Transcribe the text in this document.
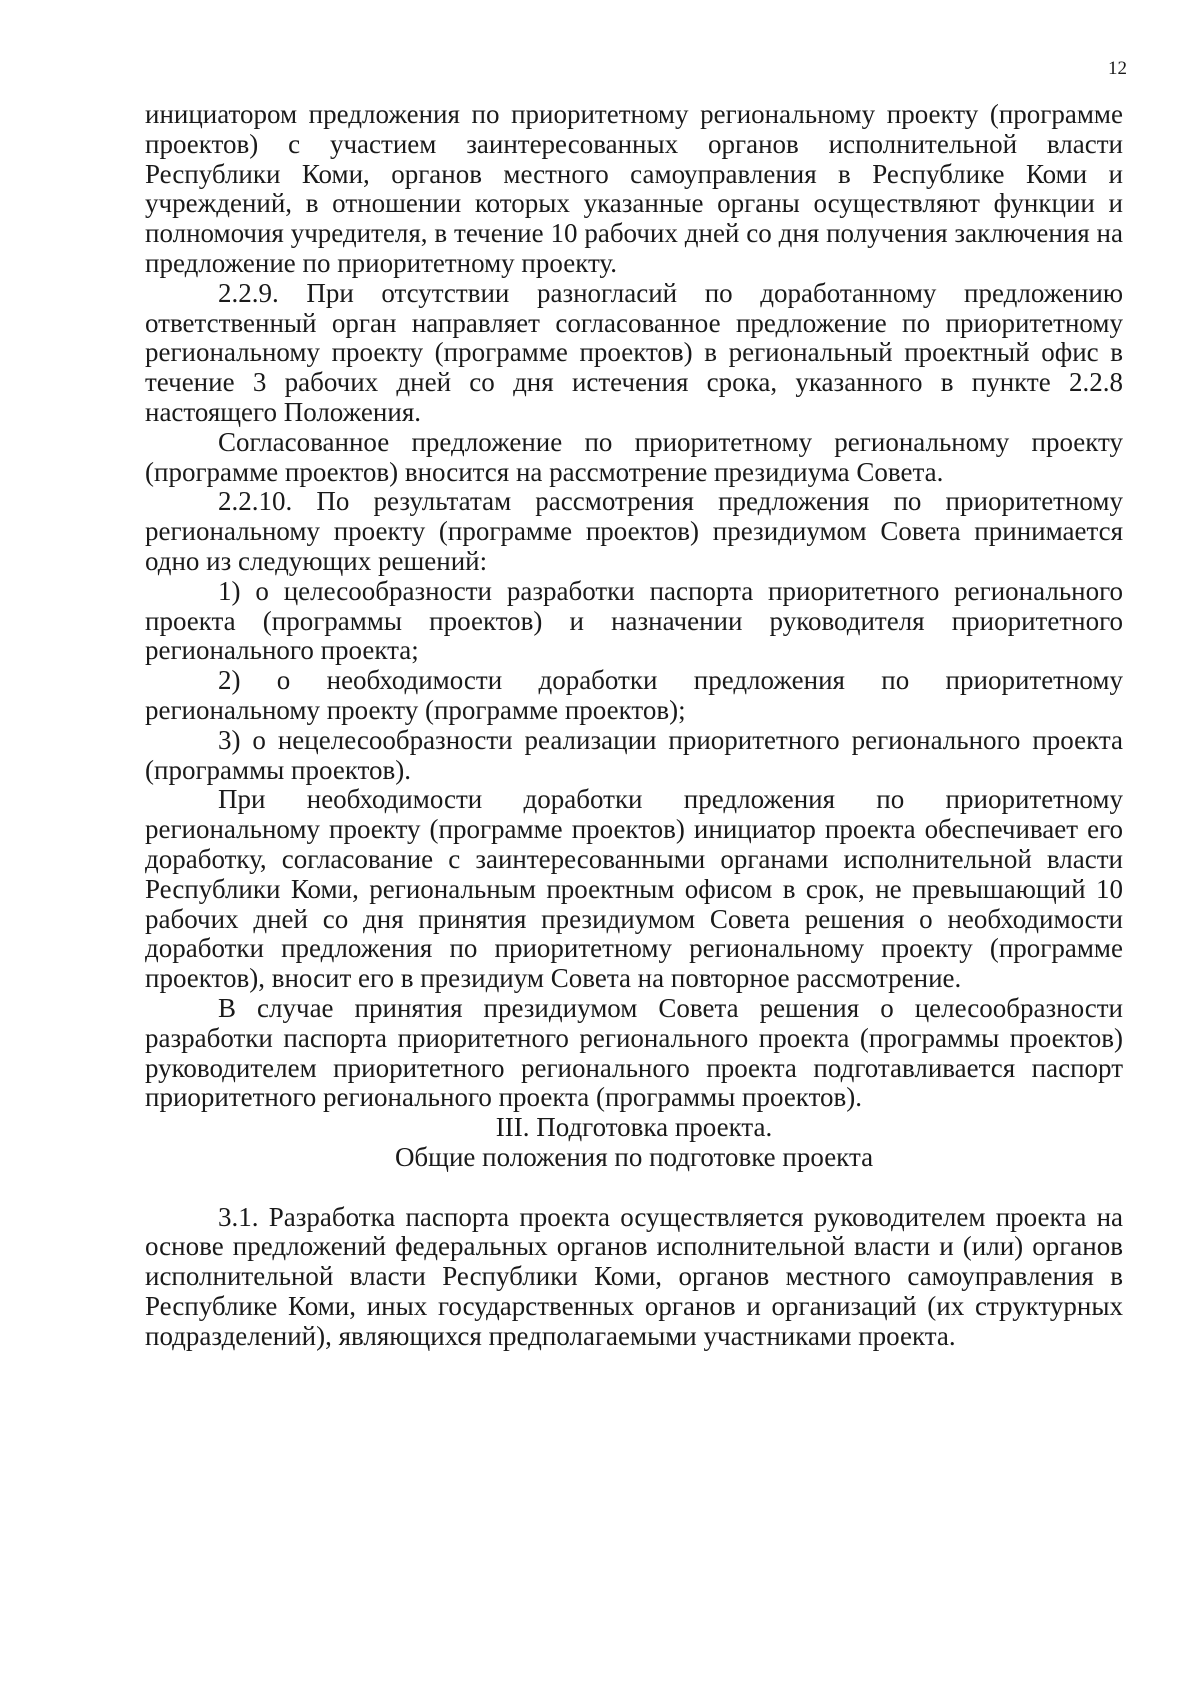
12

инициатором предложения по приоритетному региональному проекту (программе проектов) с участием заинтересованных органов исполнительной власти Республики Коми, органов местного самоуправления в Республике Коми и учреждений, в отношении которых указанные органы осуществляют функции и полномочия учредителя, в течение 10 рабочих дней со дня получения заключения на предложение по приоритетному проекту.

2.2.9. При отсутствии разногласий по доработанному предложению ответственный орган направляет согласованное предложение по приоритетному региональному проекту (программе проектов) в региональный проектный офис в течение 3 рабочих дней со дня истечения срока, указанного в пункте 2.2.8 настоящего Положения.

Согласованное предложение по приоритетному региональному проекту (программе проектов) вносится на рассмотрение президиума Совета.

2.2.10. По результатам рассмотрения предложения по приоритетному региональному проекту (программе проектов) президиумом Совета принимается одно из следующих решений:

1) о целесообразности разработки паспорта приоритетного регионального проекта (программы проектов) и назначении руководителя приоритетного регионального проекта;

2) о необходимости доработки предложения по приоритетному региональному проекту (программе проектов);

3) о нецелесообразности реализации приоритетного регионального проекта (программы проектов).

При необходимости доработки предложения по приоритетному региональному проекту (программе проектов) инициатор проекта обеспечивает его доработку, согласование с заинтересованными органами исполнительной власти Республики Коми, региональным проектным офисом в срок, не превышающий 10 рабочих дней со дня принятия президиумом Совета решения о необходимости доработки предложения по приоритетному региональному проекту (программе проектов), вносит его в президиум Совета на повторное рассмотрение.

В случае принятия президиумом Совета решения о целесообразности разработки паспорта приоритетного регионального проекта (программы проектов) руководителем приоритетного регионального проекта подготавливается паспорт приоритетного регионального проекта (программы проектов).

III. Подготовка проекта.

Общие положения по подготовке проекта

3.1. Разработка паспорта проекта осуществляется руководителем проекта на основе предложений федеральных органов исполнительной власти и (или) органов исполнительной власти Республики Коми, органов местного самоуправления в Республике Коми, иных государственных органов и организаций (их структурных подразделений), являющихся предполагаемыми участниками проекта.
